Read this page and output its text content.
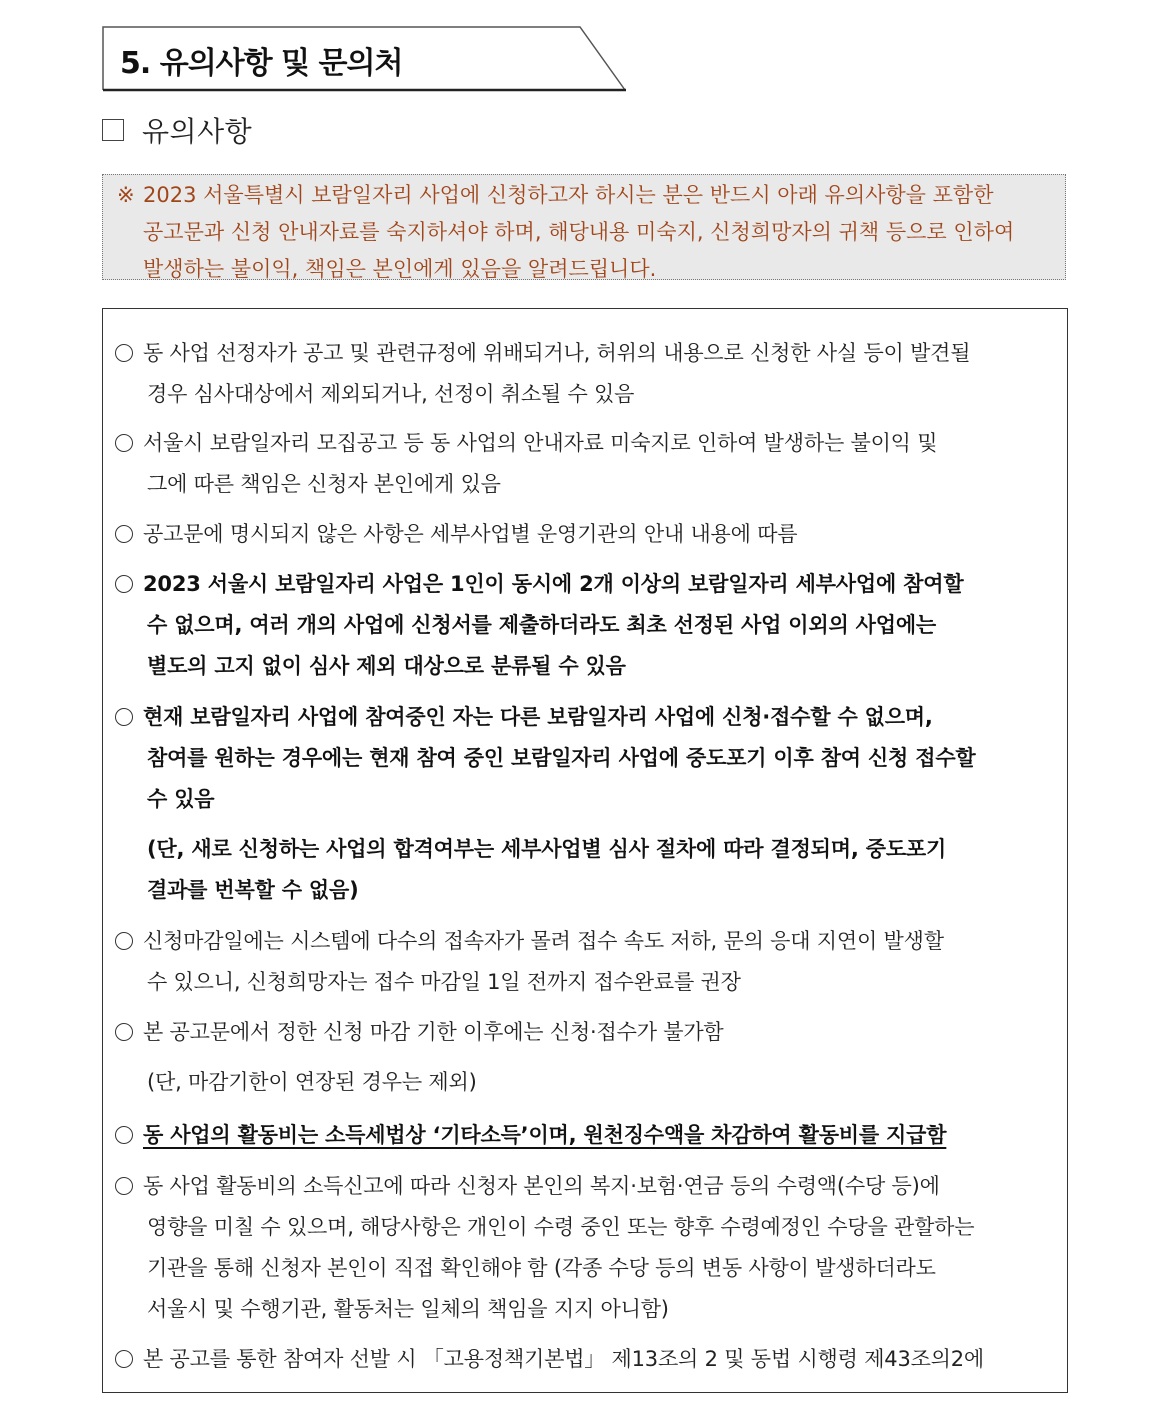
5. 유의사항 및 문의처
유의사항
※ 2023 서울특별시 보람일자리 사업에 신청하고자 하시는 분은 반드시 아래 유의사항을 포함한
공고문과 신청 안내자료를 숙지하셔야 하며, 해당내용 미숙지, 신청희망자의 귀책 등으로 인하여
발생하는 불이익, 책임은 본인에게 있음을 알려드립니다.
동 사업 선정자가 공고 및 관련규정에 위배되거나, 허위의 내용으로 신청한 사실 등이 발견될
경우 심사대상에서 제외되거나, 선정이 취소될 수 있음
서울시 보람일자리 모집공고 등 동 사업의 안내자료 미숙지로 인하여 발생하는 불이익 및
그에 따른 책임은 신청자 본인에게 있음
공고문에 명시되지 않은 사항은 세부사업별 운영기관의 안내 내용에 따름
2023 서울시 보람일자리 사업은 1인이 동시에 2개 이상의 보람일자리 세부사업에 참여할
수 없으며, 여러 개의 사업에 신청서를 제출하더라도 최초 선정된 사업 이외의 사업에는
별도의 고지 없이 심사 제외 대상으로 분류될 수 있음
현재 보람일자리 사업에 참여중인 자는 다른 보람일자리 사업에 신청·접수할 수 없으며,
참여를 원하는 경우에는 현재 참여 중인 보람일자리 사업에 중도포기 이후 참여 신청 접수할
수 있음
(단, 새로 신청하는 사업의 합격여부는 세부사업별 심사 절차에 따라 결정되며, 중도포기
결과를 번복할 수 없음)
신청마감일에는 시스템에 다수의 접속자가 몰려 접수 속도 저하, 문의 응대 지연이 발생할
수 있으니, 신청희망자는 접수 마감일 1일 전까지 접수완료를 권장
본 공고문에서 정한 신청 마감 기한 이후에는 신청·접수가 불가함
(단, 마감기한이 연장된 경우는 제외)
동 사업의 활동비는 소득세법상 ‘기타소득’이며, 원천징수액을 차감하여 활동비를 지급함
동 사업 활동비의 소득신고에 따라 신청자 본인의 복지·보험·연금 등의 수령액(수당 등)에
영향을 미칠 수 있으며, 해당사항은 개인이 수령 중인 또는 향후 수령예정인 수당을 관할하는
기관을 통해 신청자 본인이 직접 확인해야 함 (각종 수당 등의 변동 사항이 발생하더라도
서울시 및 수행기관, 활동처는 일체의 책임을 지지 아니함)
본 공고를 통한 참여자 선발 시 「고용정책기본법」 제13조의 2 및 동법 시행령 제43조의2에
